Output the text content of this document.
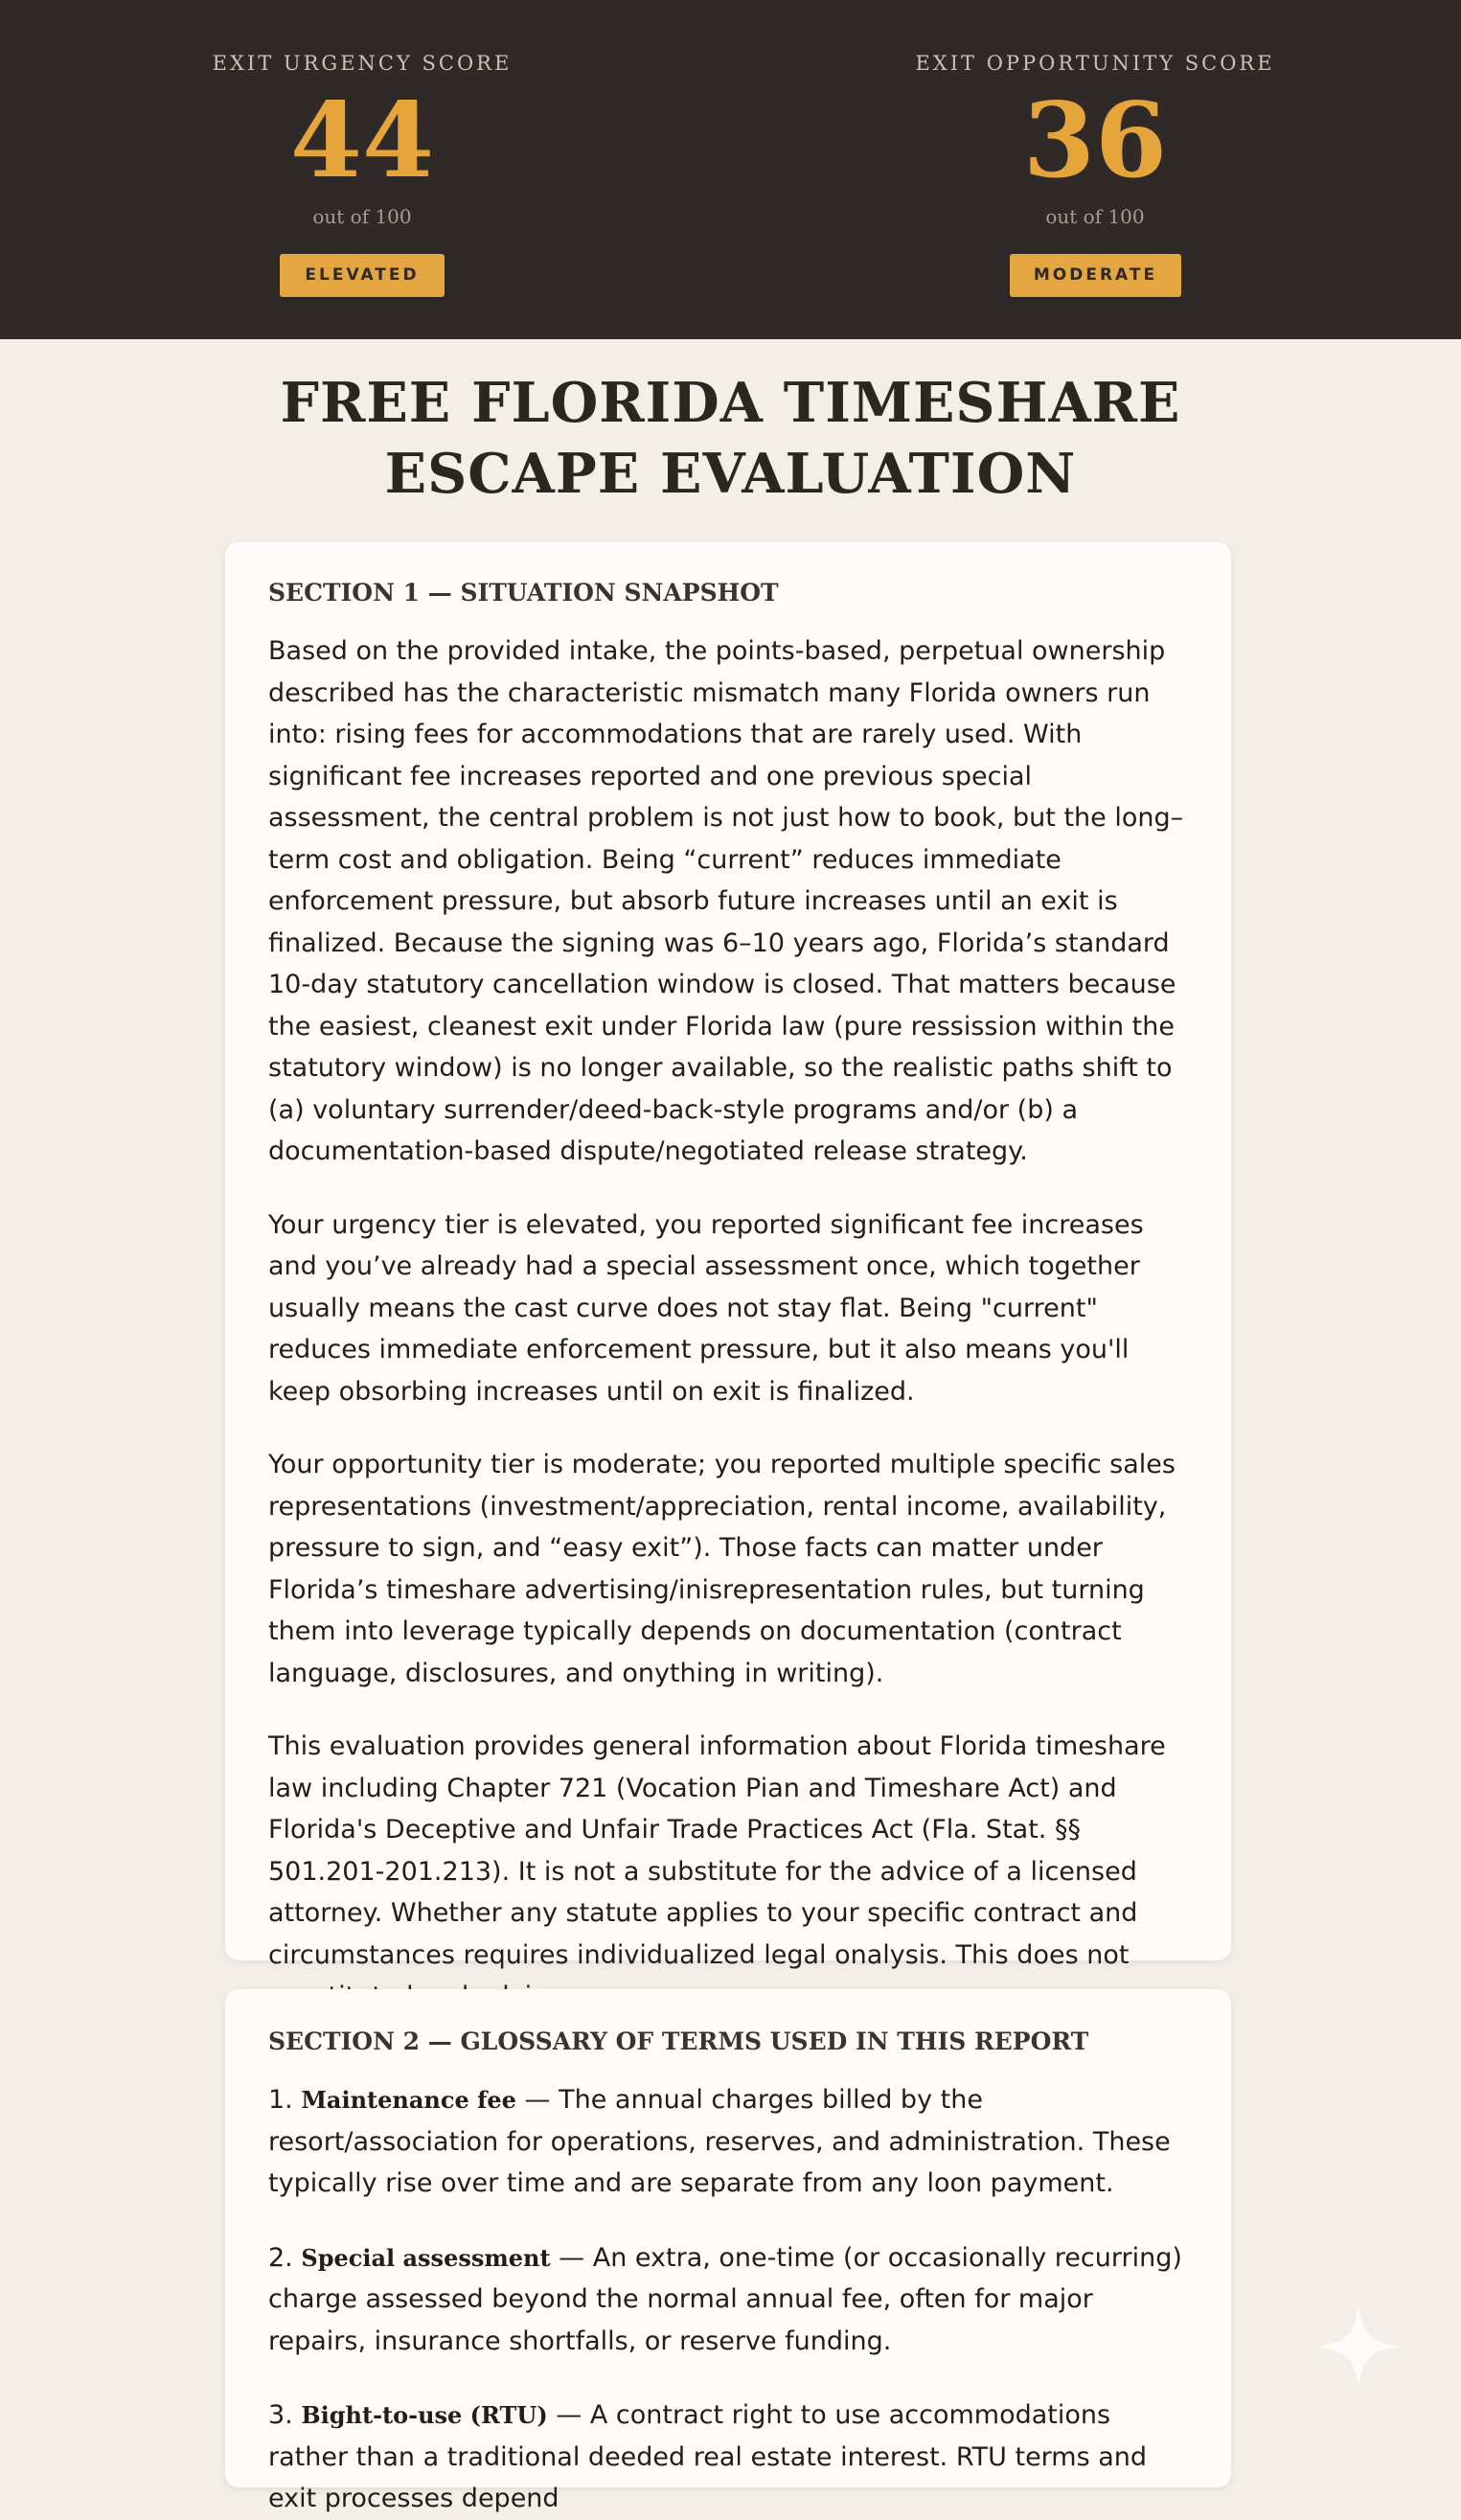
EXIT URGENCY SCORE
44
out of 100
ELEVATED
EXIT OPPORTUNITY SCORE
36
out of 100
MODERATE
FREE FLORIDA TIMESHARE
ESCAPE EVALUATION
SECTION 1 — SITUATION SNAPSHOT

Based on the provided intake, the points-based, perpetual ownership described has the characteristic mismatch many Florida owners run into: rising fees for accommodations that are rarely used. With significant fee increases reported and one previous special assessment, the central problem is not just how to book, but the long–term cost and obligation. Being “current” reduces immediate enforcement pressure, but absorb future increases until an exit is finalized. Because the signing was 6–10 years ago, Florida’s standard 10-day statutory cancellation window is closed. That matters because the easiest, cleanest exit under Florida law (pure ressission within the statutory window) is no longer available, so the realistic paths shift to (a) voluntary surrender/deed-back-style programs and/or (b) a documentation-based dispute/negotiated release strategy.

Your urgency tier is elevated, you reported significant fee increases and you’ve already had a special assessment once, which together usually means the cast curve does not stay flat. Being "current" reduces immediate enforcement pressure, but it also means you'll keep obsorbing increases until on exit is finalized.

Your opportunity tier is moderate; you reported multiple specific sales representations (investment/appreciation, rental income, availability, pressure to sign, and “easy exit”). Those facts can matter under Florida’s timeshare advertising/inisrepresentation rules, but turning them into leverage typically depends on documentation (contract language, disclosures, and onything in writing).

This evaluation provides general information about Florida timeshare law including Chapter 721 (Vocation Pian and Timeshare Act) and Florida's Deceptive and Unfair Trade Practices Act (Fla. Stat. §§ 501.201-201.213). It is not a substitute for the advice of a licensed attorney. Whether any statute applies to your specific contract and circumstances requires individualized legal onalysis. This does not

SECTION 2 — GLOSSARY OF TERMS USED IN THIS REPORT

1. Maintenance fee — The annual charges billed by the resort/association for operations, reserves, and administration. These typically rise over time and are separate from any loon payment.

2. Special assessment — An extra, one-time (or occasionally recurring) charge assessed beyond the normal annual fee, often for major repairs, insurance shortfalls, or reserve funding.

3. Bight-to-use (RTU) — A contract right to use accommodations rather than a traditional deeded real estate interest. RTU terms and exit processes depend
